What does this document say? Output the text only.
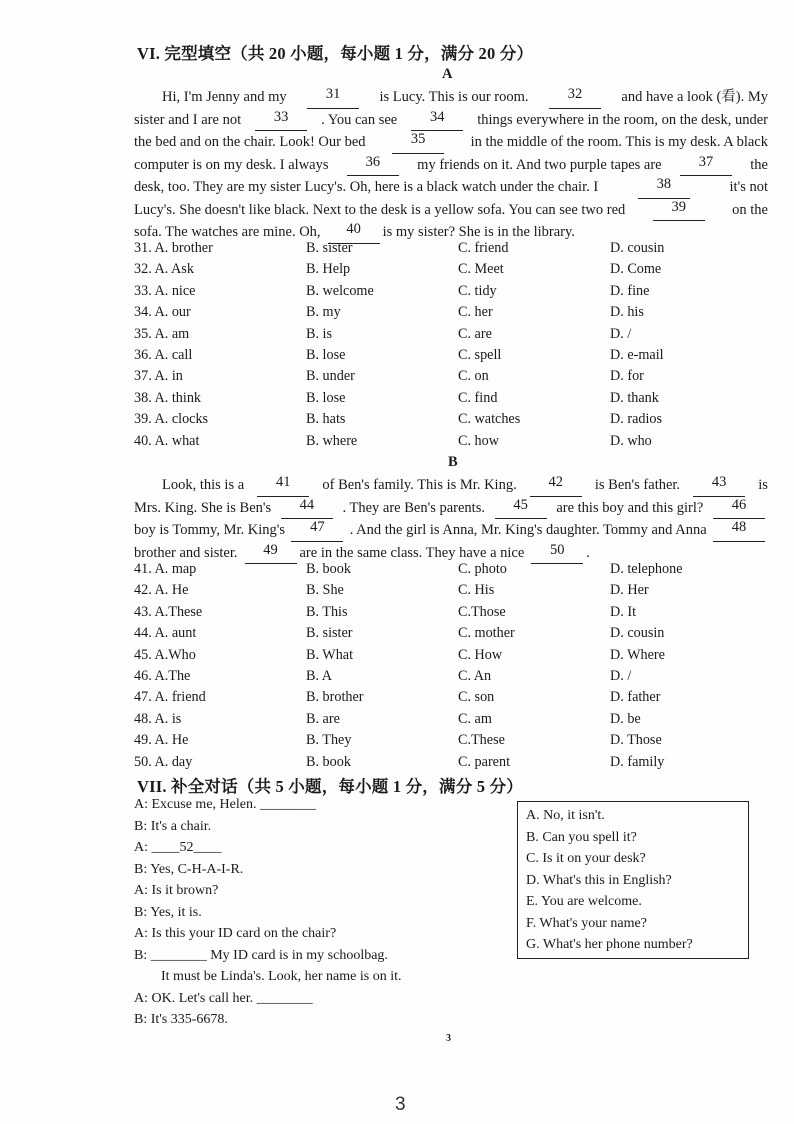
VI. 完型填空（共 20 小题，每小题 1 分，满分 20 分）
A
Hi, I'm Jenny and my	31	is Lucy. This is our room.	32	and have a look (看). My
sister and I are not	33	. You can see	34	things everywhere in the room, on the desk, under
the bed and on the chair. Look! Our bed	35	in the middle of the room. This is my desk. A black
computer is on my desk. I always	36	my friends on it. And two purple tapes are	37	the
desk, too. They are my sister Lucy's. Oh, here is a black watch under the chair. I	38	it's not
Lucy's. She doesn't like black. Next to the desk is a yellow sofa. You can see two red	39	on the
sofa. The watches are mine. Oh,	40	is my sister? She is in the library.
31. A. brother	B. sister	C. friend	D. cousin
32. A. Ask	B. Help	C. Meet	D. Come
33. A. nice	B. welcome	C. tidy	D. fine
34. A. our	B. my	C. her	D. his
35. A. am	B. is	C. are	D. /
36. A. call	B. lose	C. spell	D. e-mail
37. A. in	B. under	C. on	D. for
38. A. think	B. lose	C. find	D. thank
39. A. clocks	B. hats	C. watches	D. radios
40. A. what	B. where	C. how	D. who
B
Look, this is a	41	of Ben's family. This is Mr. King.	42	is Ben's father.	43	is
Mrs. King. She is Ben's	44	. They are Ben's parents.	45	are this boy and this girl?	46
boy is Tommy, Mr. King's	47	. And the girl is Anna, Mr. King's daughter. Tommy and Anna	48
brother and sister.	49	are in the same class. They have a nice	50	.
41. A. map	B. book	C. photo	D. telephone
42. A. He	B. She	C. His	D. Her
43. A.These	B. This	C.Those	D. It
44. A. aunt	B. sister	C. mother	D. cousin
45. A.Who	B. What	C. How	D. Where
46. A.The	B. A	C. An	D. /
47. A. friend	B. brother	C. son	D. father
48. A. is	B. are	C. am	D. be
49. A. He	B. They	C.These	D. Those
50. A. day	B. book	C. parent	D. family
VII. 补全对话（共 5 小题，每小题 1 分，满分 5 分）
A: Excuse me, Helen. ________
B: It's a chair.
A: ____52____
B: Yes, C-H-A-I-R.
A: Is it brown?
B: Yes, it is.
A: Is this your ID card on the chair?
B: ________ My ID card is in my schoolbag.
It must be Linda's. Look, her name is on it.
A: OK. Let's call her. ________
B: It's 335-6678.
A. No, it isn't.
B. Can you spell it?
C. Is it on your desk?
D. What's this in English?
E. You are welcome.
F. What's your name?
G. What's her phone number?
3
3
